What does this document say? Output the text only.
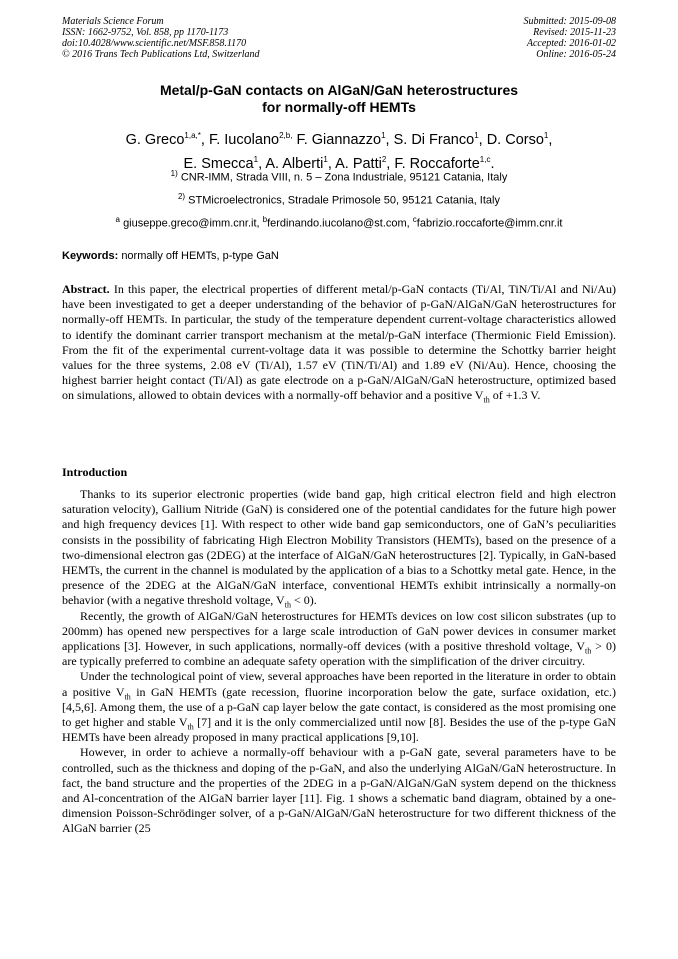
Materials Science Forum
ISSN: 1662-9752, Vol. 858, pp 1170-1173
doi:10.4028/www.scientific.net/MSF.858.1170
© 2016 Trans Tech Publications Ltd, Switzerland
Submitted: 2015-09-08
Revised: 2015-11-23
Accepted: 2016-01-02
Online: 2016-05-24
Metal/p-GaN contacts on AlGaN/GaN heterostructures
for normally-off HEMTs
G. Greco$^{1,a,*}$, F. Iucolano$^{2,b,}$ F. Giannazzo$^1$, S. Di Franco$^1$, D. Corso$^1$,
E. Smecca$^1$, A. Alberti$^1$, A. Patti$^2$, F. Roccaforte$^{1,c}$.
$^{1)}$ CNR-IMM, Strada VIII, n. 5 – Zona Industriale, 95121 Catania, Italy
$^{2)}$ STMicroelectronics, Stradale Primosole 50, 95121 Catania, Italy
$^a$ giuseppe.greco@imm.cnr.it, $^b$ferdinando.iucolano@st.com, $^c$fabrizio.roccaforte@imm.cnr.it
Keywords: normally off HEMTs, p-type GaN
Abstract. In this paper, the electrical properties of different metal/p-GaN contacts (Ti/Al, TiN/Ti/Al and Ni/Au) have been investigated to get a deeper understanding of the behavior of p-GaN/AlGaN/GaN heterostructures for normally-off HEMTs. In particular, the study of the temperature dependent current-voltage characteristics allowed to identify the dominant carrier transport mechanism at the metal/p-GaN interface (Thermionic Field Emission). From the fit of the experimental current-voltage data it was possible to determine the Schottky barrier height values for the three systems, 2.08 eV (Ti/Al), 1.57 eV (TiN/Ti/Al) and 1.89 eV (Ni/Au). Hence, choosing the highest barrier height contact (Ti/Al) as gate electrode on a p-GaN/AlGaN/GaN heterostructure, optimized based on simulations, allowed to obtain devices with a normally-off behavior and a positive $V_{th}$ of +1.3 V.
Introduction

Thanks to its superior electronic properties (wide band gap, high critical electron field and high electron saturation velocity), Gallium Nitride (GaN) is considered one of the potential candidates for the future high power and high frequency devices [1]. With respect to other wide band gap semiconductors, one of GaN’s peculiarities consists in the possibility of fabricating High Electron Mobility Transistors (HEMTs), based on the presence of a two-dimensional electron gas (2DEG) at the interface of AlGaN/GaN heterostructures [2]. Typically, in GaN-based HEMTs, the current in the channel is modulated by the application of a bias to a Schottky metal gate. Hence, in the presence of the 2DEG at the AlGaN/GaN interface, conventional HEMTs exhibit intrinsically a normally-on behavior (with a negative threshold voltage, $V_{th} < 0$).

Recently, the growth of AlGaN/GaN heterostructures for HEMTs devices on low cost silicon substrates (up to 200mm) has opened new perspectives for a large scale introduction of GaN power devices in consumer market applications [3]. However, in such applications, normally-off devices (with a positive threshold voltage, $V_{th} > 0$) are typically preferred to combine an adequate safety operation with the simplification of the driver circuitry.

Under the technological point of view, several approaches have been reported in the literature in order to obtain a positive $V_{th}$ in GaN HEMTs (gate recession, fluorine incorporation below the gate, surface oxidation, etc.) [4,5,6]. Among them, the use of a p-GaN cap layer below the gate contact, is considered as the most promising one to get higher and stable $V_{th}$ [7] and it is the only commercialized until now [8]. Besides the use of the p-type GaN HEMTs have been already proposed in many practical applications [9,10].

However, in order to achieve a normally-off behaviour with a p-GaN gate, several parameters have to be controlled, such as the thickness and doping of the p-GaN, and also the underlying AlGaN/GaN heterostructure. In fact, the band structure and the properties of the 2DEG in a p-GaN/AlGaN/GaN system depend on the thickness and Al-concentration of the AlGaN barrier layer [11]. Fig. 1 shows a schematic band diagram, obtained by a one-dimension Poisson-Schrödinger solver, of a p-GaN/AlGaN/GaN heterostructure for two different thickness of the AlGaN barrier (25
